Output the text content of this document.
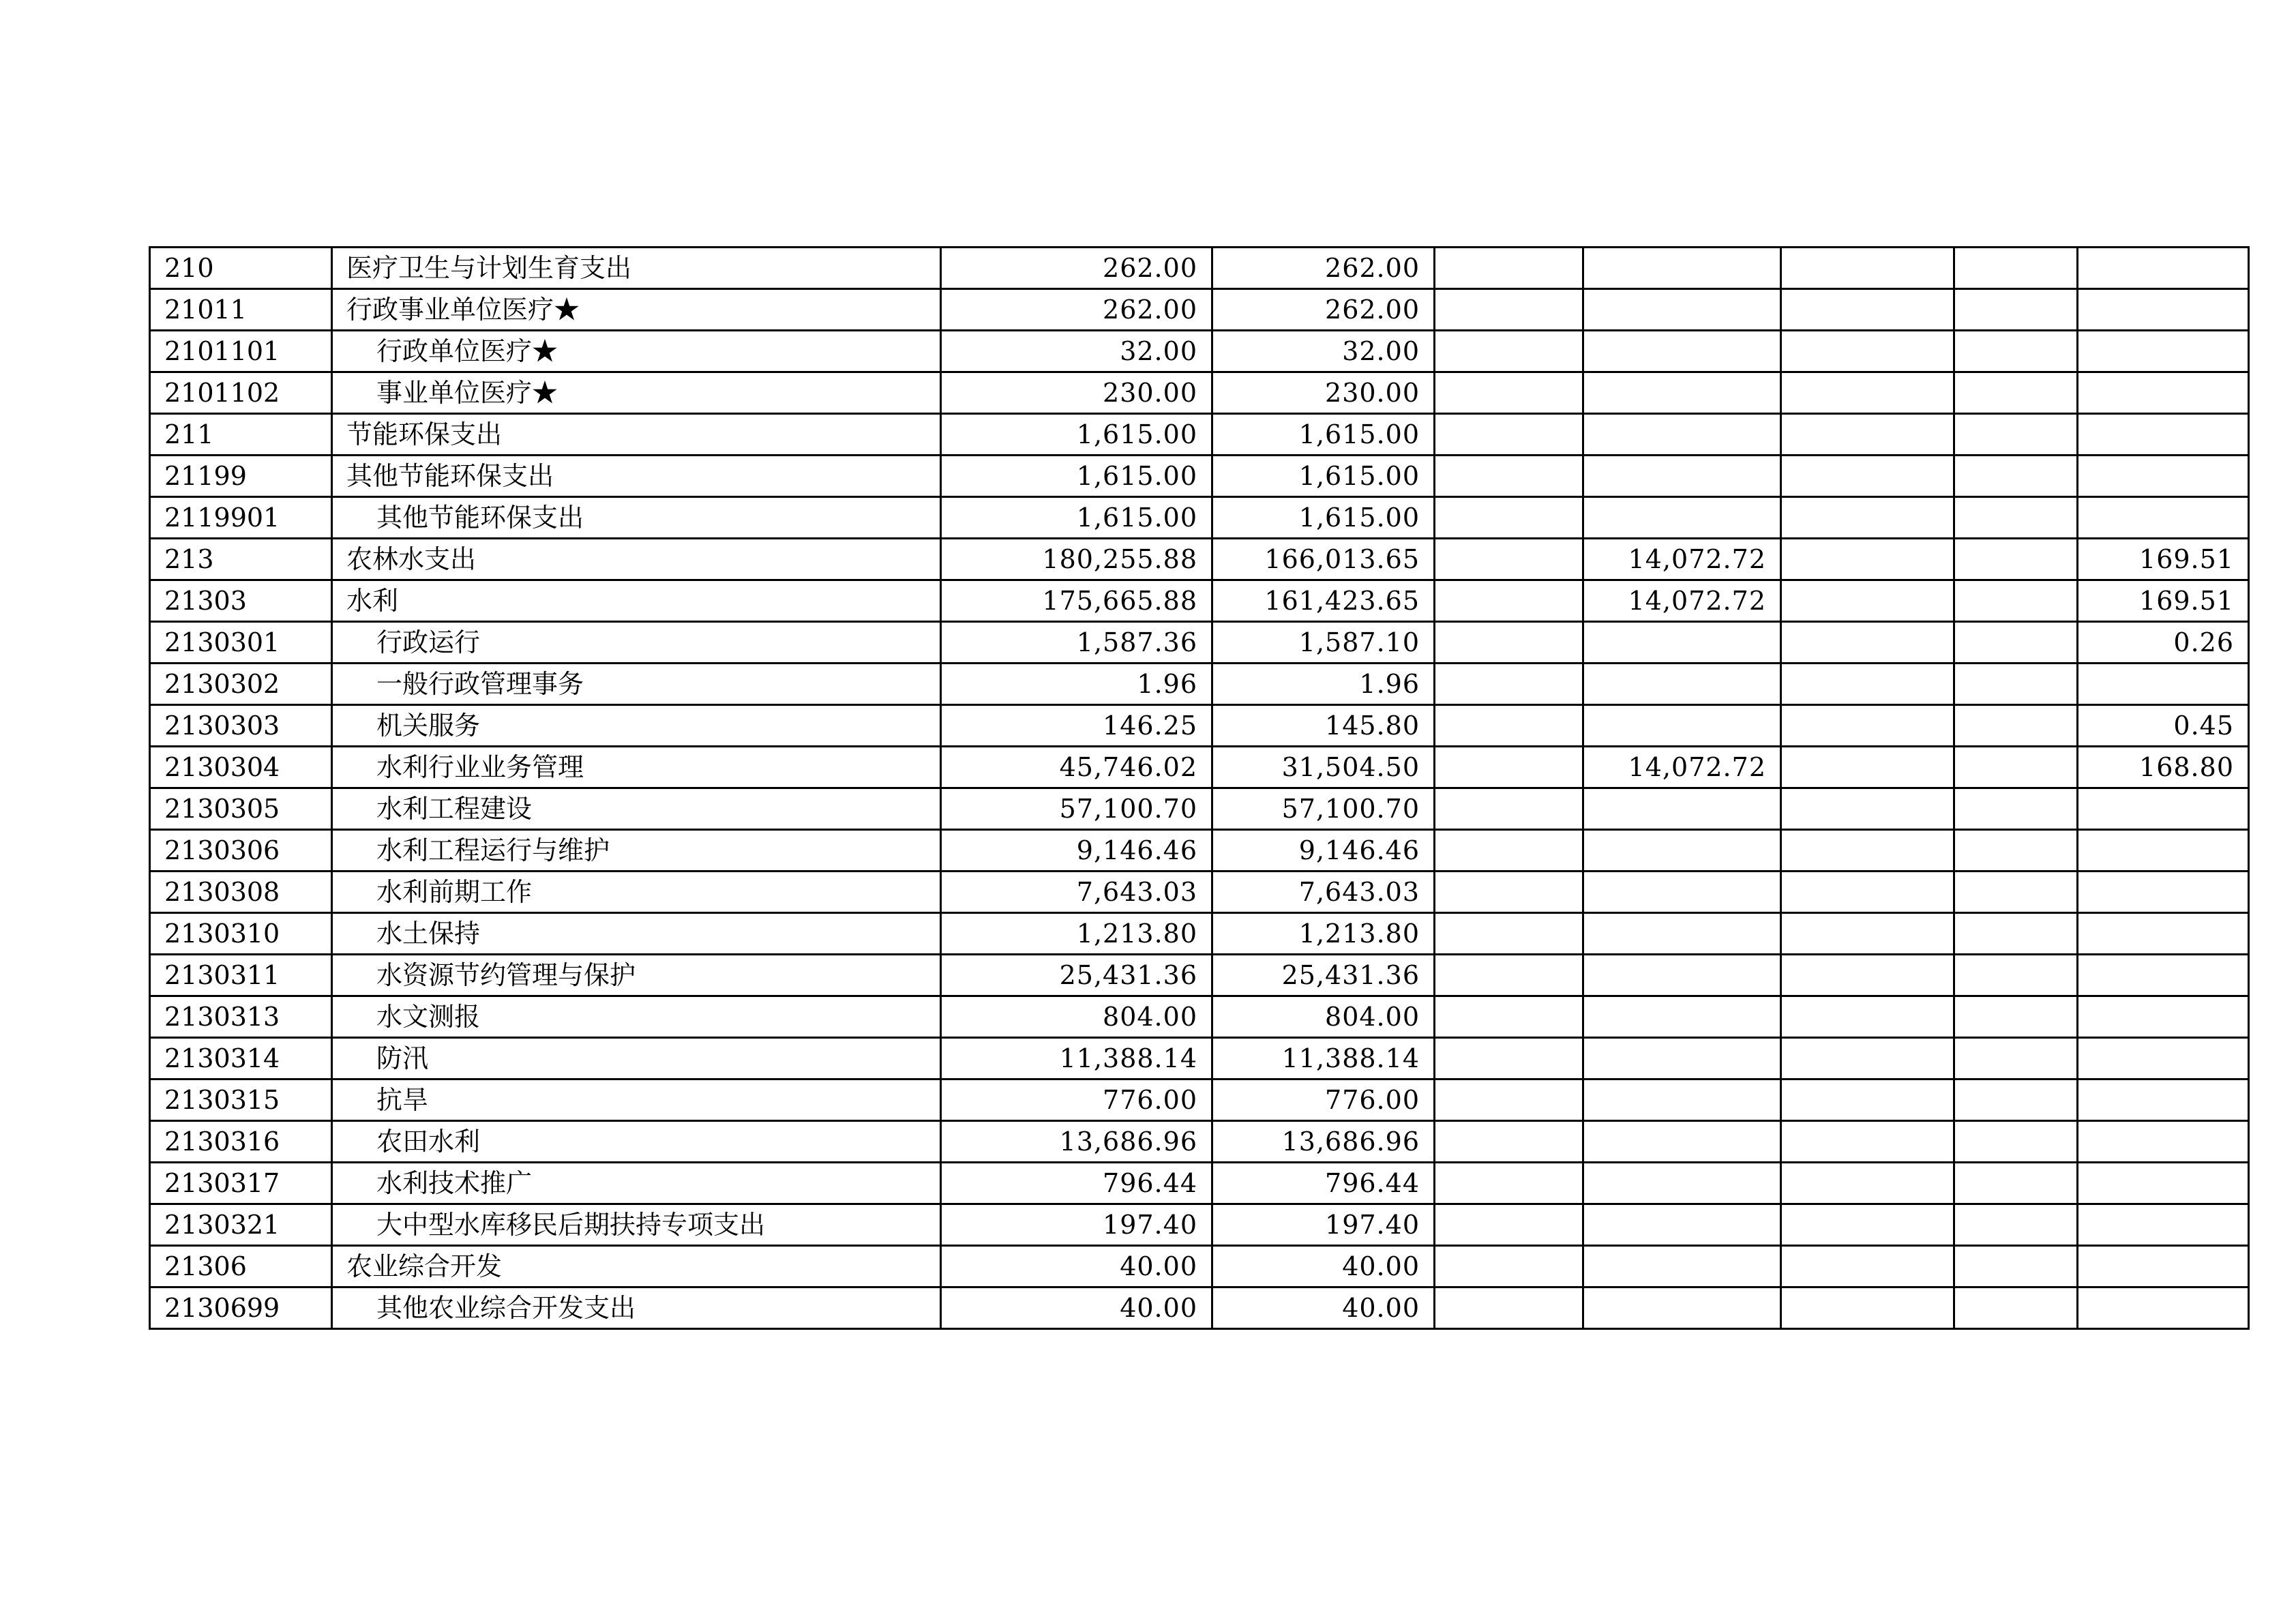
210	医疗卫生与计划生育支出	262.00	262.00					
21011	行政事业单位医疗★	262.00	262.00					
2101101	行政单位医疗★	32.00	32.00					
2101102	事业单位医疗★	230.00	230.00					
211	节能环保支出	1,615.00	1,615.00					
21199	其他节能环保支出	1,615.00	1,615.00					
2119901	其他节能环保支出	1,615.00	1,615.00					
213	农林水支出	180,255.88	166,013.65		14,072.72			169.51
21303	水利	175,665.88	161,423.65		14,072.72			169.51
2130301	行政运行	1,587.36	1,587.10					0.26
2130302	一般行政管理事务	1.96	1.96					
2130303	机关服务	146.25	145.80					0.45
2130304	水利行业业务管理	45,746.02	31,504.50		14,072.72			168.80
2130305	水利工程建设	57,100.70	57,100.70					
2130306	水利工程运行与维护	9,146.46	9,146.46					
2130308	水利前期工作	7,643.03	7,643.03					
2130310	水土保持	1,213.80	1,213.80					
2130311	水资源节约管理与保护	25,431.36	25,431.36					
2130313	水文测报	804.00	804.00					
2130314	防汛	11,388.14	11,388.14					
2130315	抗旱	776.00	776.00					
2130316	农田水利	13,686.96	13,686.96					
2130317	水利技术推广	796.44	796.44					
2130321	大中型水库移民后期扶持专项支出	197.40	197.40					
21306	农业综合开发	40.00	40.00					
2130699	其他农业综合开发支出	40.00	40.00					
